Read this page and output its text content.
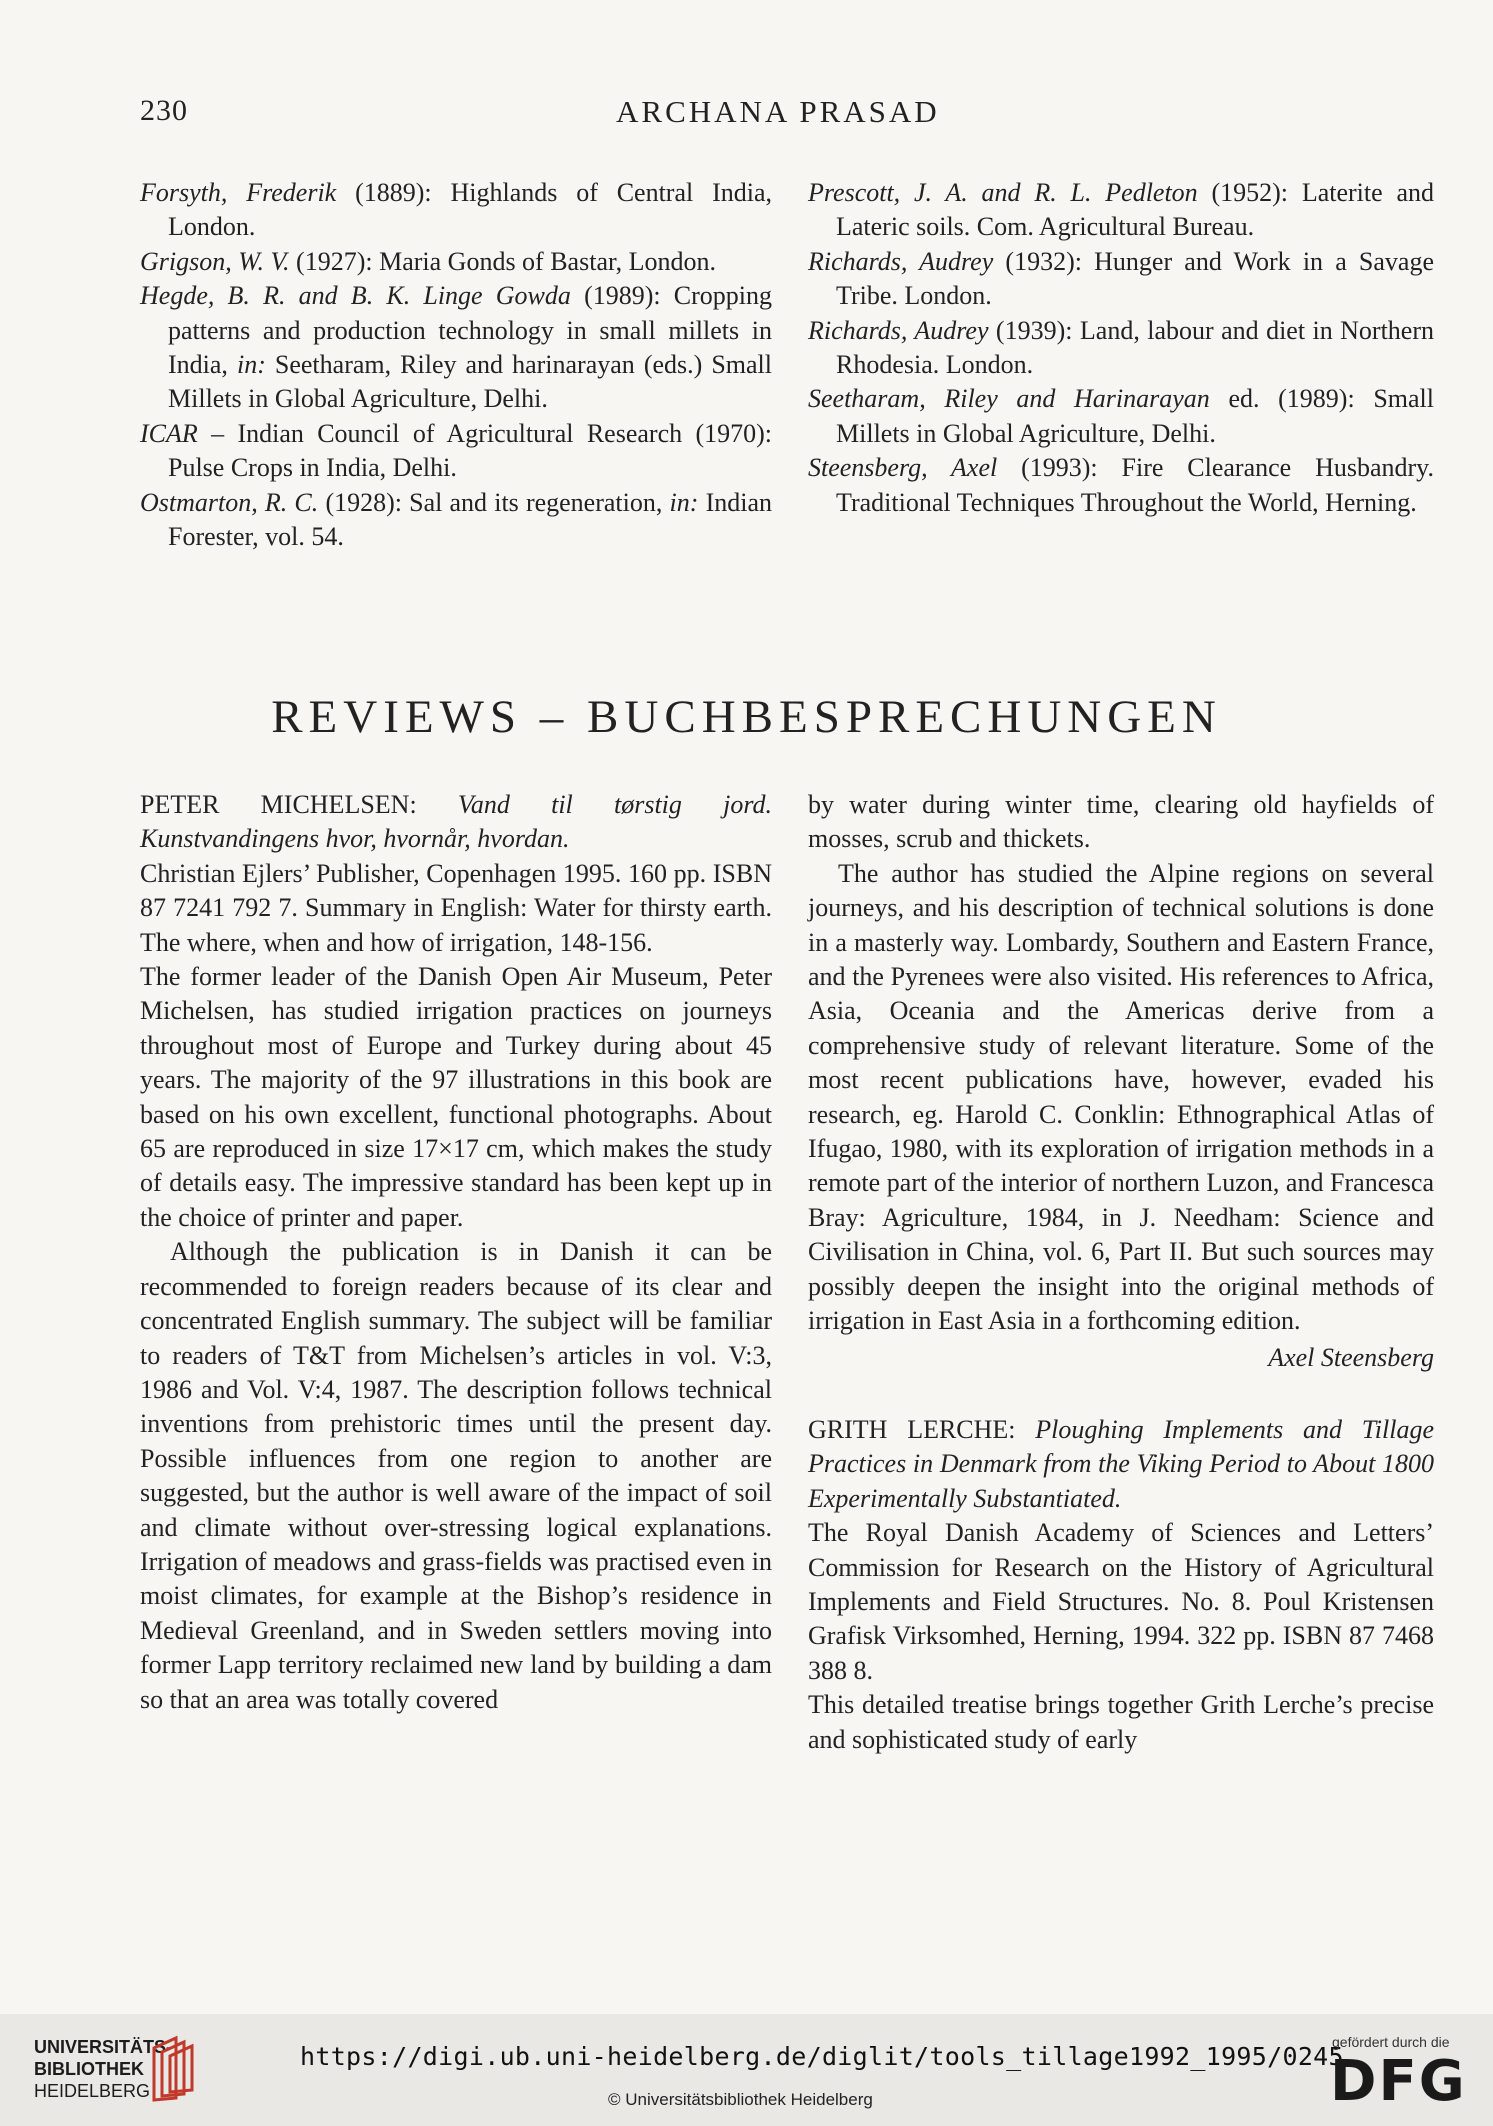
230	ARCHANA PRASAD
Forsyth, Frederik (1889): Highlands of Central India, London.
Grigson, W. V. (1927): Maria Gonds of Bastar, London.
Hegde, B. R. and B. K. Linge Gowda (1989): Cropping patterns and production technology in small millets in India, in: Seetharam, Riley and harinarayan (eds.) Small Millets in Global Agriculture, Delhi.
ICAR – Indian Council of Agricultural Research (1970): Pulse Crops in India, Delhi.
Ostmarton, R. C. (1928): Sal and its regeneration, in: Indian Forester, vol. 54.
Prescott, J. A. and R. L. Pedleton (1952): Laterite and Lateric soils. Com. Agricultural Bureau.
Richards, Audrey (1932): Hunger and Work in a Savage Tribe. London.
Richards, Audrey (1939): Land, labour and diet in Northern Rhodesia. London.
Seetharam, Riley and Harinarayan ed. (1989): Small Millets in Global Agriculture, Delhi.
Steensberg, Axel (1993): Fire Clearance Husbandry. Traditional Techniques Throughout the World, Herning.
REVIEWS – BUCHBESPRECHUNGEN
PETER MICHELSEN: Vand til tørstig jord. Kunstvandingens hvor, hvornår, hvordan.
Christian Ejlers’ Publisher, Copenhagen 1995. 160 pp. ISBN 87 7241 792 7. Summary in English: Water for thirsty earth. The where, when and how of irrigation, 148-156.
The former leader of the Danish Open Air Museum, Peter Michelsen, has studied irrigation practices on journeys throughout most of Europe and Turkey during about 45 years. The majority of the 97 illustrations in this book are based on his own excellent, functional photographs. About 65 are reproduced in size 17×17 cm, which makes the study of details easy. The impressive standard has been kept up in the choice of printer and paper.
Although the publication is in Danish it can be recommended to foreign readers because of its clear and concentrated English summary. The subject will be familiar to readers of T&T from Michelsen’s articles in vol. V:3, 1986 and Vol. V:4, 1987. The description follows technical inventions from prehistoric times until the present day. Possible influences from one region to another are suggested, but the author is well aware of the impact of soil and climate without over-stressing logical explanations. Irrigation of meadows and grass-fields was practised even in moist climates, for example at the Bishop’s residence in Medieval Greenland, and in Sweden settlers moving into former Lapp territory reclaimed new land by building a dam so that an area was totally covered
by water during winter time, clearing old hayfields of mosses, scrub and thickets.
The author has studied the Alpine regions on several journeys, and his description of technical solutions is done in a masterly way. Lombardy, Southern and Eastern France, and the Pyrenees were also visited. His references to Africa, Asia, Oceania and the Americas derive from a comprehensive study of relevant literature. Some of the most recent publications have, however, evaded his research, eg. Harold C. Conklin: Ethnographical Atlas of Ifugao, 1980, with its exploration of irrigation methods in a remote part of the interior of northern Luzon, and Francesca Bray: Agriculture, 1984, in J. Needham: Science and Civilisation in China, vol. 6, Part II. But such sources may possibly deepen the insight into the original methods of irrigation in East Asia in a forthcoming edition.
Axel Steensberg
GRITH LERCHE: Ploughing Implements and Tillage Practices in Denmark from the Viking Period to About 1800 Experimentally Substantiated.
The Royal Danish Academy of Sciences and Letters’ Commission for Research on the History of Agricultural Implements and Field Structures. No. 8. Poul Kristensen Grafisk Virksomhed, Herning, 1994. 322 pp. ISBN 87 7468 388 8.
This detailed treatise brings together Grith Lerche’s precise and sophisticated study of early
UNIVERSITÄTS-
BIBLIOTHEK
HEIDELBERG
https://digi.ub.uni-heidelberg.de/diglit/tools_tillage1992_1995/0245
© Universitätsbibliothek Heidelberg
gefördert durch die
DFG
